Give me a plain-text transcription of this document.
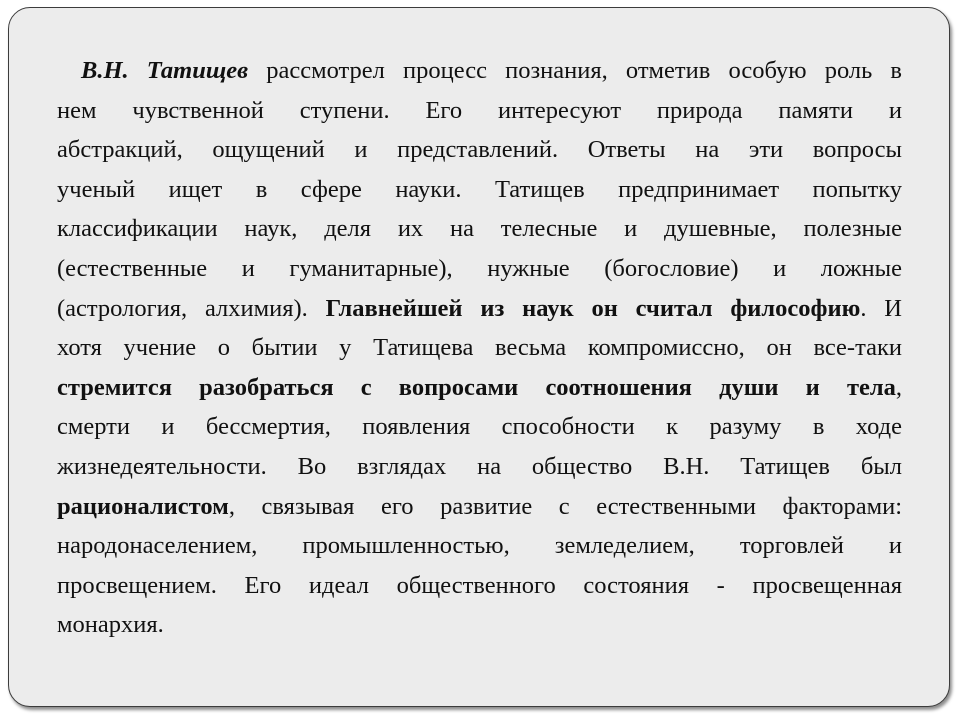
В.Н. Татищев рассмотрел процесс познания, отметив особую роль в
нем чувственной ступени. Его интересуют природа памяти и
абстракций, ощущений и представлений. Ответы на эти вопросы
ученый ищет в сфере науки. Татищев предпринимает попытку
классификации наук, деля их на телесные и душевные, полезные
(естественные и гуманитарные), нужные (богословие) и ложные
(астрология, алхимия). Главнейшей из наук он считал философию. И
хотя учение о бытии у Татищева весьма компромиссно, он все-таки
стремится разобраться с вопросами соотношения души и тела,
смерти и бессмертия, появления способности к разуму в ходе
жизнедеятельности. Во взглядах на общество В.Н. Татищев был
рационалистом, связывая его развитие с естественными факторами:
народонаселением, промышленностью, земледелием, торговлей и
просвещением. Его идеал общественного состояния - просвещенная
монархия.
